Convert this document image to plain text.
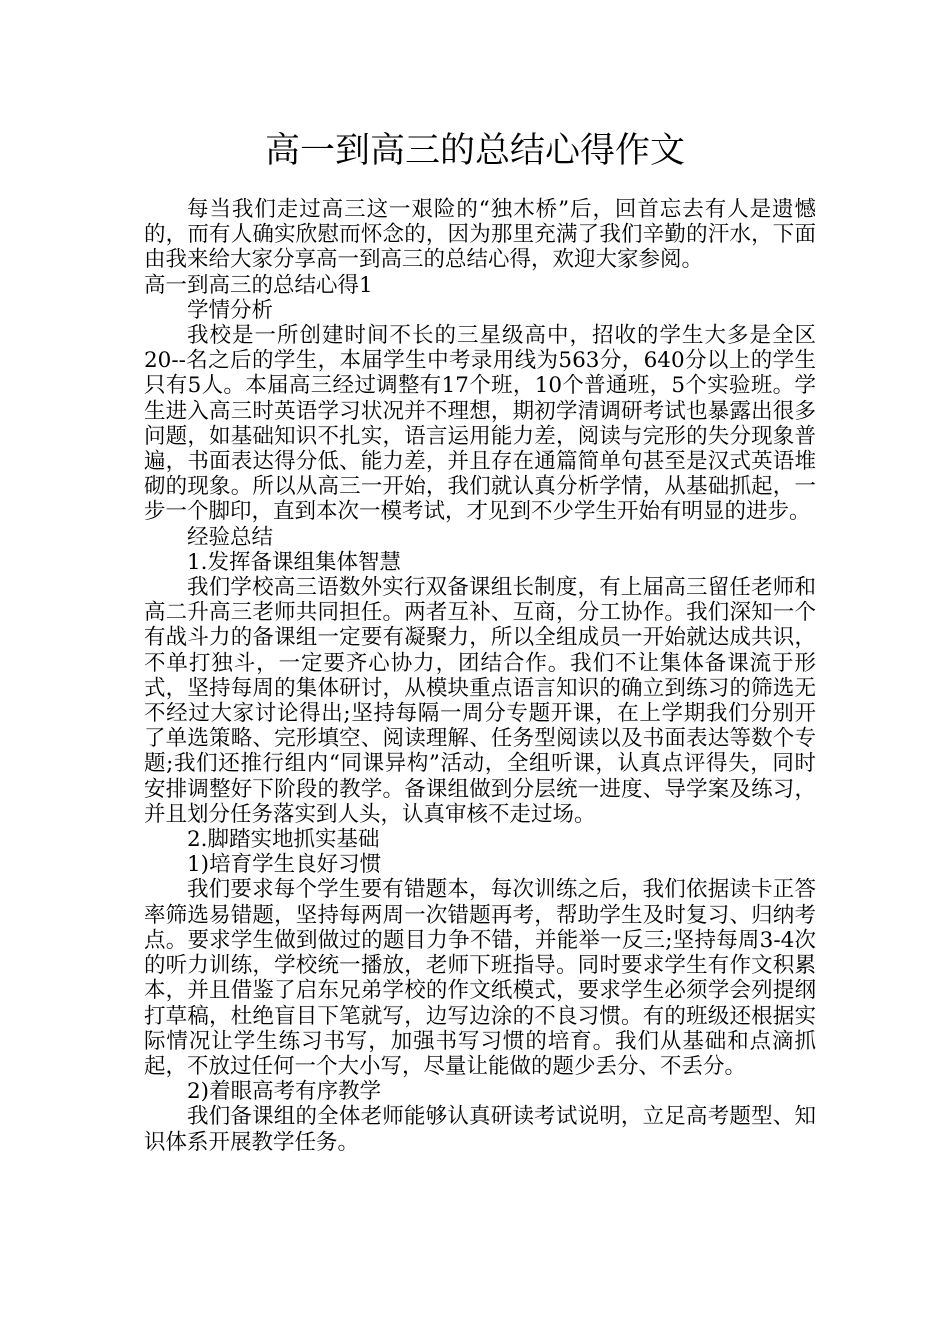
高一到高三的总结心得作文

每当我们走过高三这一艰险的“独木桥”后，回首忘去有人是遗憾的，而有人确实欣慰而怀念的，因为那里充满了我们辛勤的汗水，下面由我来给大家分享高一到高三的总结心得，欢迎大家参阅。

高一到高三的总结心得1

学情分析

我校是一所创建时间不长的三星级高中，招收的学生大多是全区20--名之后的学生，本届学生中考录用线为563分，640分以上的学生只有5人。本届高三经过调整有17个班，10个普通班，5个实验班。学生进入高三时英语学习状况并不理想，期初学清调研考试也暴露出很多问题，如基础知识不扎实，语言运用能力差，阅读与完形的失分现象普遍，书面表达得分低、能力差，并且存在通篇简单句甚至是汉式英语堆砌的现象。所以从高三一开始，我们就认真分析学情，从基础抓起，一步一个脚印，直到本次一模考试，才见到不少学生开始有明显的进步。

经验总结

1.发挥备课组集体智慧

我们学校高三语数外实行双备课组长制度，有上届高三留任老师和高二升高三老师共同担任。两者互补、互商，分工协作。我们深知一个有战斗力的备课组一定要有凝聚力，所以全组成员一开始就达成共识，不单打独斗，一定要齐心协力，团结合作。我们不让集体备课流于形式，坚持每周的集体研讨，从模块重点语言知识的确立到练习的筛选无不经过大家讨论得出;坚持每隔一周分专题开课，在上学期我们分别开了单选策略、完形填空、阅读理解、任务型阅读以及书面表达等数个专题;我们还推行组内“同课异构”活动，全组听课，认真点评得失，同时安排调整好下阶段的教学。备课组做到分层统一进度、导学案及练习，并且划分任务落实到人头，认真审核不走过场。

2.脚踏实地抓实基础

1)培育学生良好习惯

我们要求每个学生要有错题本，每次训练之后，我们依据读卡正答率筛选易错题，坚持每两周一次错题再考，帮助学生及时复习、归纳考点。要求学生做到做过的题目力争不错，并能举一反三;坚持每周3-4次的听力训练，学校统一播放，老师下班指导。同时要求学生有作文积累本，并且借鉴了启东兄弟学校的作文纸模式，要求学生必须学会列提纲打草稿，杜绝盲目下笔就写，边写边涂的不良习惯。有的班级还根据实际情况让学生练习书写，加强书写习惯的培育。我们从基础和点滴抓起，不放过任何一个大小写，尽量让能做的题少丢分、不丢分。

2)着眼高考有序教学

我们备课组的全体老师能够认真研读考试说明，立足高考题型、知识体系开展教学任务。
